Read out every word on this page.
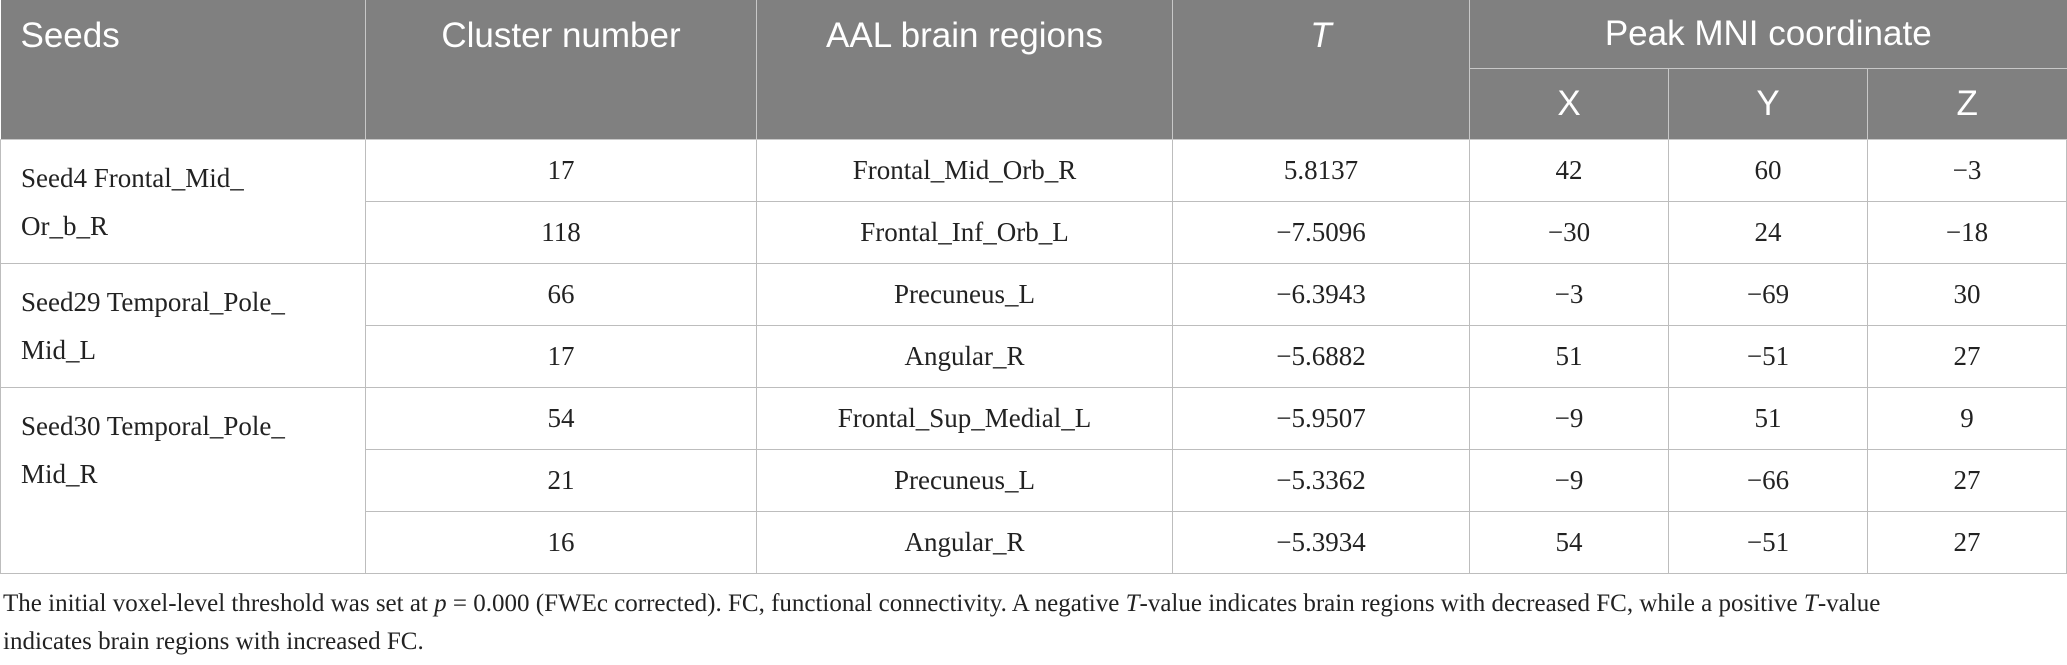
Seeds	Cluster number	AAL brain regions	T	Peak MNI coordinate		
				X	Y	Z

Seed4 Frontal_Mid_
Or_b_R	17	Frontal_Mid_Orb_R	5.8137	42	60	−3
	118	Frontal_Inf_Orb_L	−7.5096	−30	24	−18

Seed29 Temporal_Pole_
Mid_L	66	Precuneus_L	−6.3943	−3	−69	30
	17	Angular_R	−5.6882	51	−51	27

Seed30 Temporal_Pole_
Mid_R	54	Frontal_Sup_Medial_L	−5.9507	−9	51	9
	21	Precuneus_L	−5.3362	−9	−66	27
	16	Angular_R	−5.3934	54	−51	27
The initial voxel-level threshold was set at p = 0.000 (FWEc corrected). FC, functional connectivity. A negative T-value indicates brain regions with decreased FC, while a positive T-value
indicates brain regions with increased FC.
